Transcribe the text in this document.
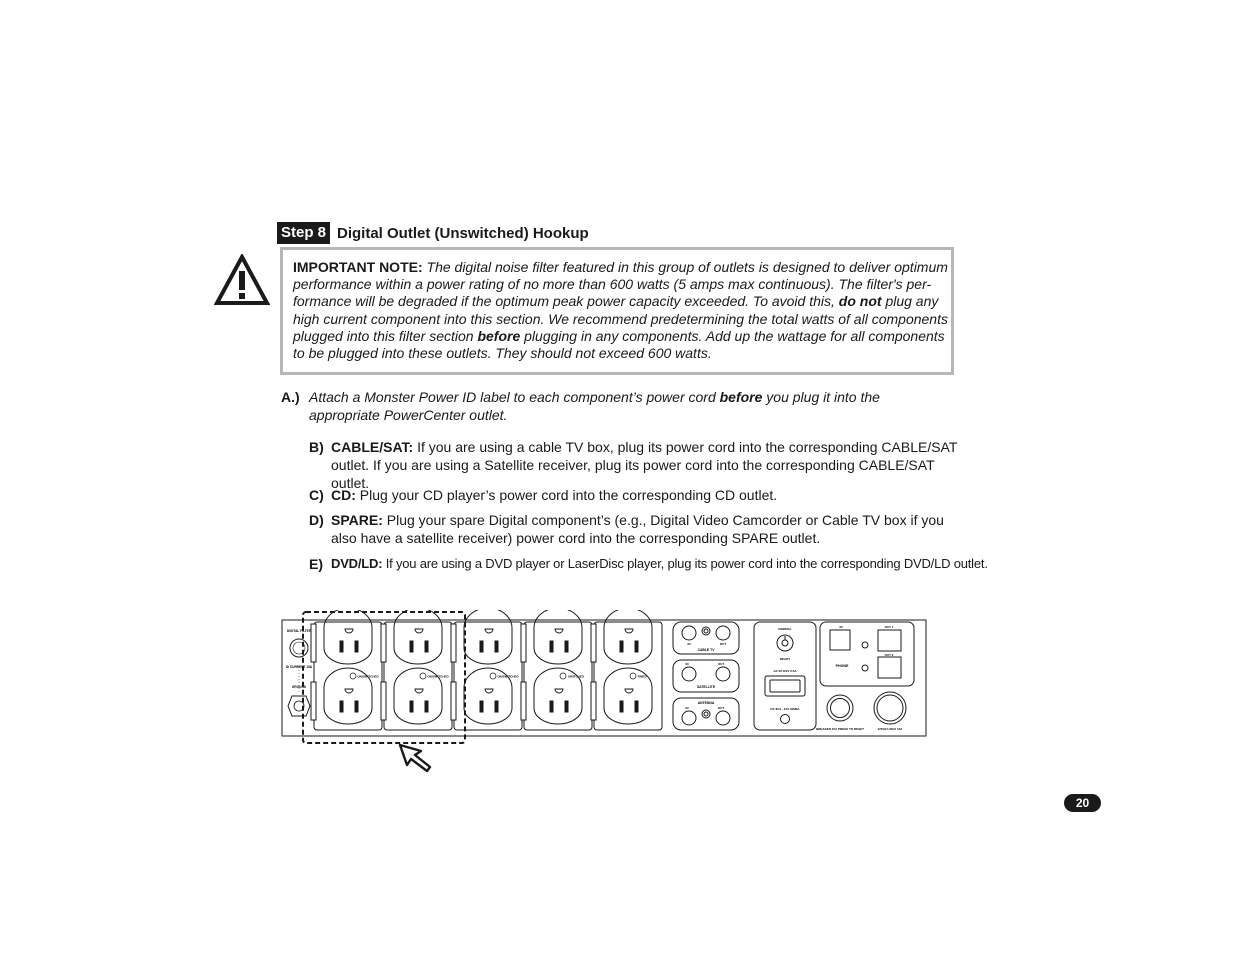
Step 8 Digital Outlet (Unswitched) Hookup
IMPORTANT NOTE: The digital noise filter featured in this group of outlets is designed to deliver optimum performance within a power rating of no more than 600 watts (5 amps max continuous). The filter's per-formance will be degraded if the optimum peak power capacity exceeded. To avoid this, do not plug any high current component into this section. We recommend predetermining the total watts of all components plugged into this filter section before plugging in any components. Add up the wattage for all components to be plugged into these outlets. They should not exceed 600 watts.
A.) Attach a Monster Power ID label to each component’s power cord before you plug it into the appropriate PowerCenter outlet.
B) CABLE/SAT: If you are using a cable TV box, plug its power cord into the corresponding CABLE/SAT outlet. If you are using a Satellite receiver, plug its power cord into the corresponding CABLE/SAT outlet.
C) CD: Plug your CD player’s power cord into the corresponding CD outlet.
D) SPARE: Plug your spare Digital component’s (e.g., Digital Video Camcorder or Cable TV box if you also have a satellite receiver) power cord into the corresponding SPARE outlet.
E) DVD/LD: If you are using a DVD player or LaserDisc player, plug its power cord into the corresponding DVD/LD outlet.
DIGITAL FILTER
ID CURRENT 15A
GROUND
ON/SWITCHED	ON/SWITCHED	ON/SWITCHED	SWITCHED	TIMED
IN	OUT
CABLE TV
IN	OUT
SATELLITE
ANTENNA
IN	OUT
NORMAL
READY
AC IN 110V 0.5A
DC IN 9 - 12V 300MA
IN	OUT 1
OUT 2
PHONE
BREAKER 15A PRESS TO RESET	125VAC MAX 15A
20
